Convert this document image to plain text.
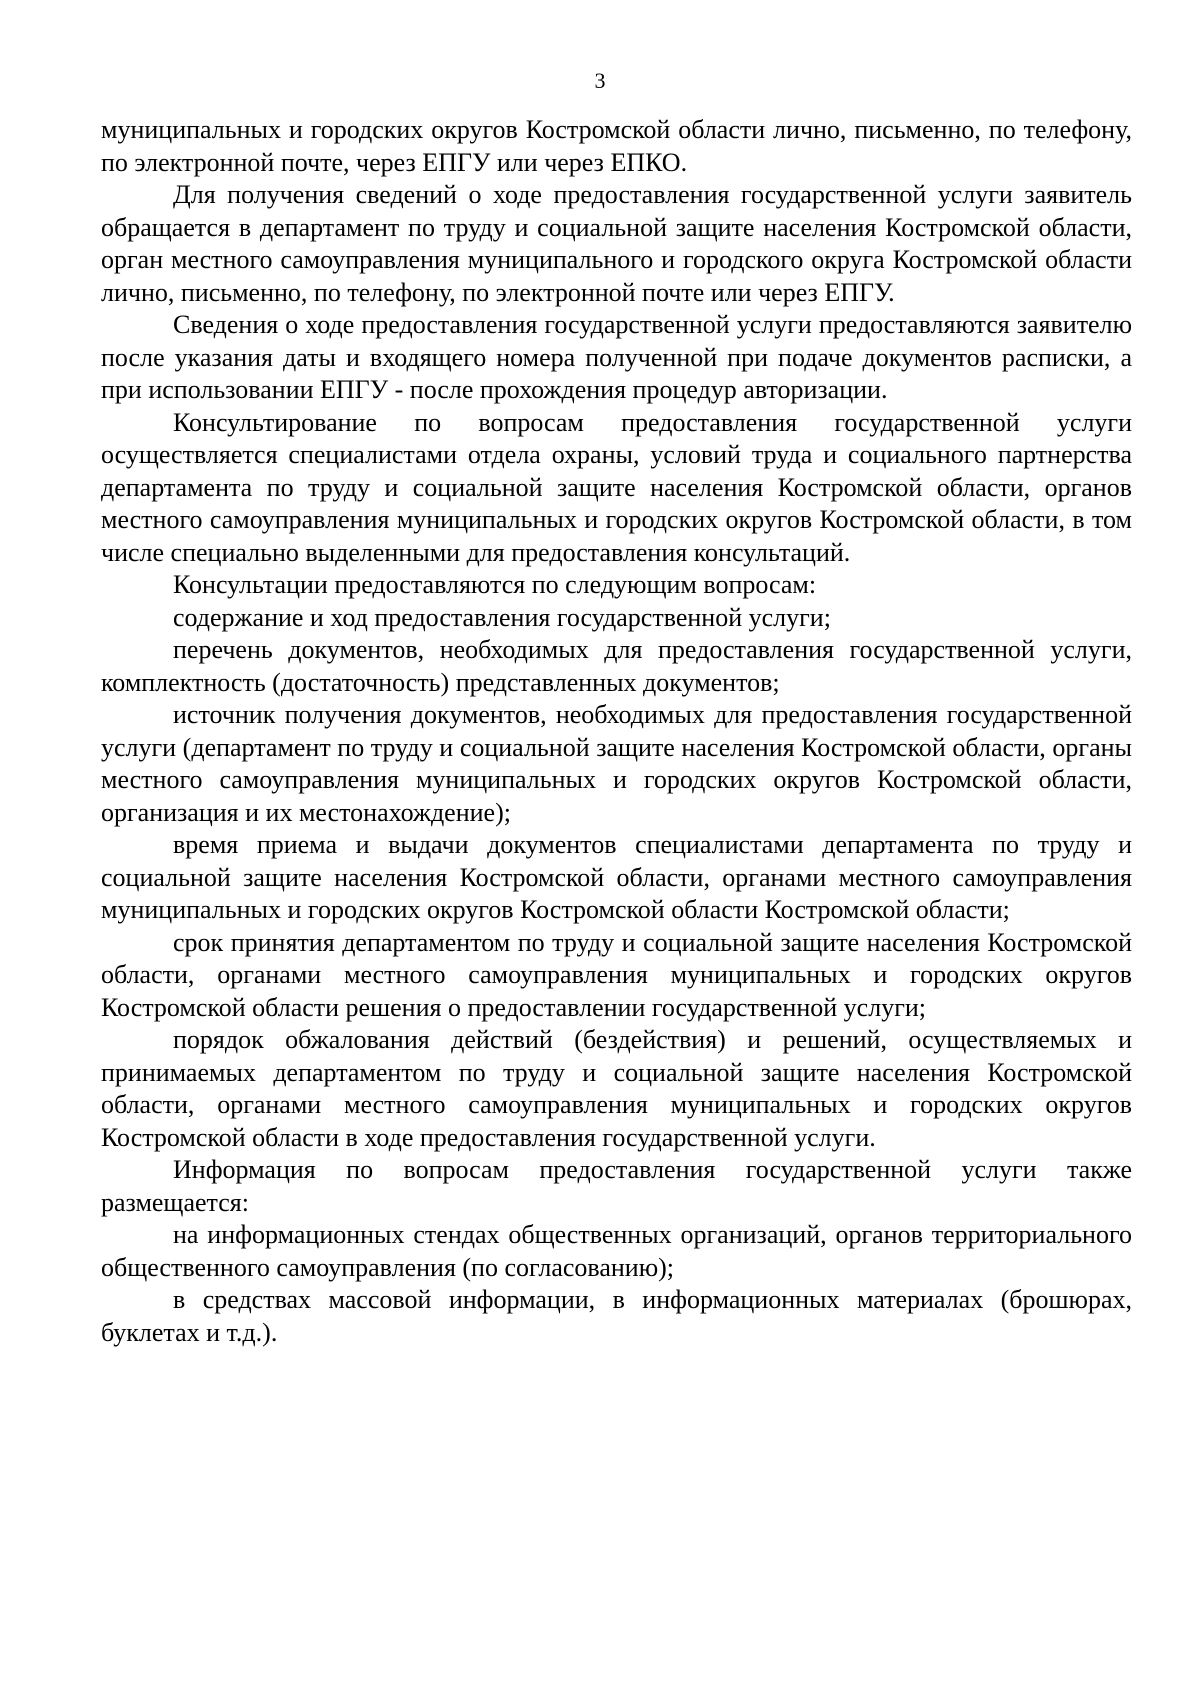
3

муниципальных и городских округов Костромской области лично, письменно, по телефону, по электронной почте, через ЕПГУ или через ЕПКО.

Для получения сведений о ходе предоставления государственной услуги заявитель обращается в департамент по труду и социальной защите населения Костромской области, орган местного самоуправления муниципального и городского округа Костромской области лично, письменно, по телефону, по электронной почте или через ЕПГУ.

Сведения о ходе предоставления государственной услуги предоставляются заявителю после указания даты и входящего номера полученной при подаче документов расписки, а при использовании ЕПГУ - после прохождения процедур авторизации.

Консультирование по вопросам предоставления государственной услуги осуществляется специалистами отдела охраны, условий труда и социального партнерства департамента по труду и социальной защите населения Костромской области, органов местного самоуправления муниципальных и городских округов Костромской области, в том числе специально выделенными для предоставления консультаций.

Консультации предоставляются по следующим вопросам:

содержание и ход предоставления государственной услуги;

перечень документов, необходимых для предоставления государственной услуги, комплектность (достаточность) представленных документов;

источник получения документов, необходимых для предоставления государственной услуги (департамент по труду и социальной защите населения Костромской области, органы местного самоуправления муниципальных и городских округов Костромской области, организация и их местонахождение);

время приема и выдачи документов специалистами департамента по труду и социальной защите населения Костромской области, органами местного самоуправления муниципальных и городских округов Костромской области Костромской области;

срок принятия департаментом по труду и социальной защите населения Костромской области, органами местного самоуправления муниципальных и городских округов Костромской области решения о предоставлении государственной услуги;

порядок обжалования действий (бездействия) и решений, осуществляемых и принимаемых департаментом по труду и социальной защите населения Костромской области, органами местного самоуправления муниципальных и городских округов Костромской области в ходе предоставления государственной услуги.

Информация по вопросам предоставления государственной услуги также размещается:

на информационных стендах общественных организаций, органов территориального общественного самоуправления (по согласованию);

в средствах массовой информации, в информационных материалах (брошюрах, буклетах и т.д.).
